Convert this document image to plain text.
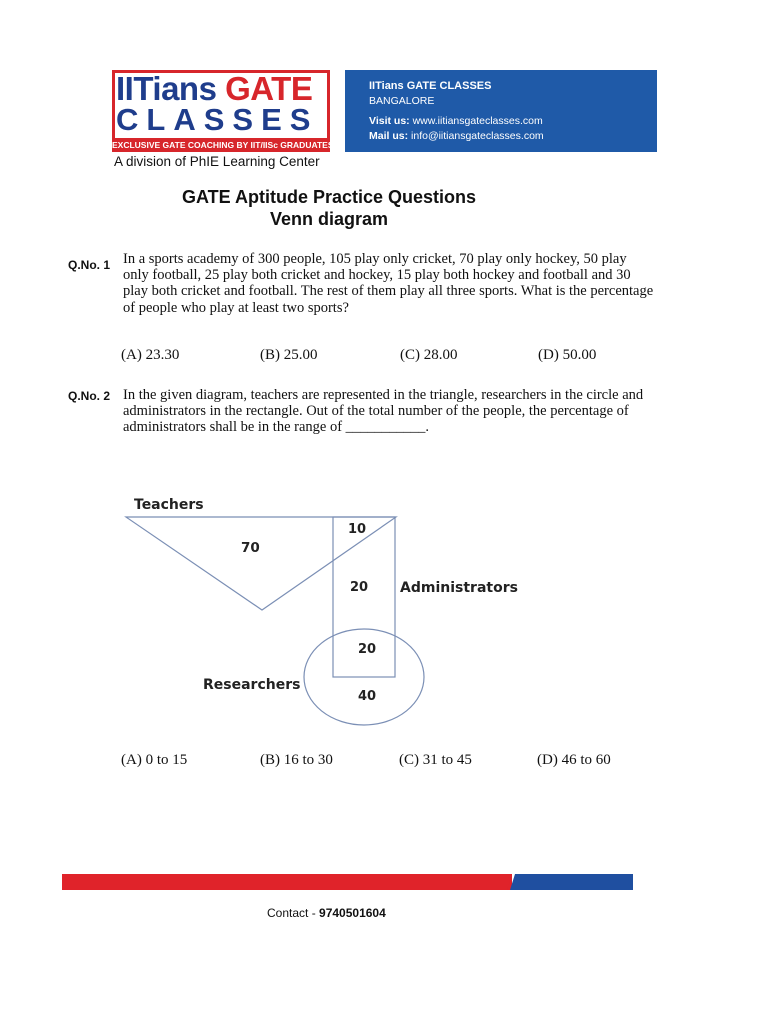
IITians GATE
CLASSES
EXCLUSIVE GATE COACHING BY IIT/IISc GRADUATES
A division of PhIE Learning Center
IITians GATE CLASSES
BANGALORE
Visit us: www.iitiansgateclasses.com
Mail us: info@iitiansgateclasses.com
GATE Aptitude Practice Questions
Venn diagram
Q.No. 1 In a sports academy of 300 people, 105 play only cricket, 70 play only hockey, 50 play
only football, 25 play both cricket and hockey, 15 play both hockey and football and 30
play both cricket and football. The rest of them play all three sports. What is the percentage
of people who play at least two sports?
(A) 23.30	(B) 25.00	(C) 28.00	(D) 50.00
Q.No. 2 In the given diagram, teachers are represented in the triangle, researchers in the circle and
administrators in the rectangle. Out of the total number of the people, the percentage of
administrators shall be in the range of ___________.
Teachers
70
10
20 Administrators
20
Researchers
40
(A) 0 to 15	(B) 16 to 30	(C) 31 to 45	(D) 46 to 60
Contact - 9740501604
